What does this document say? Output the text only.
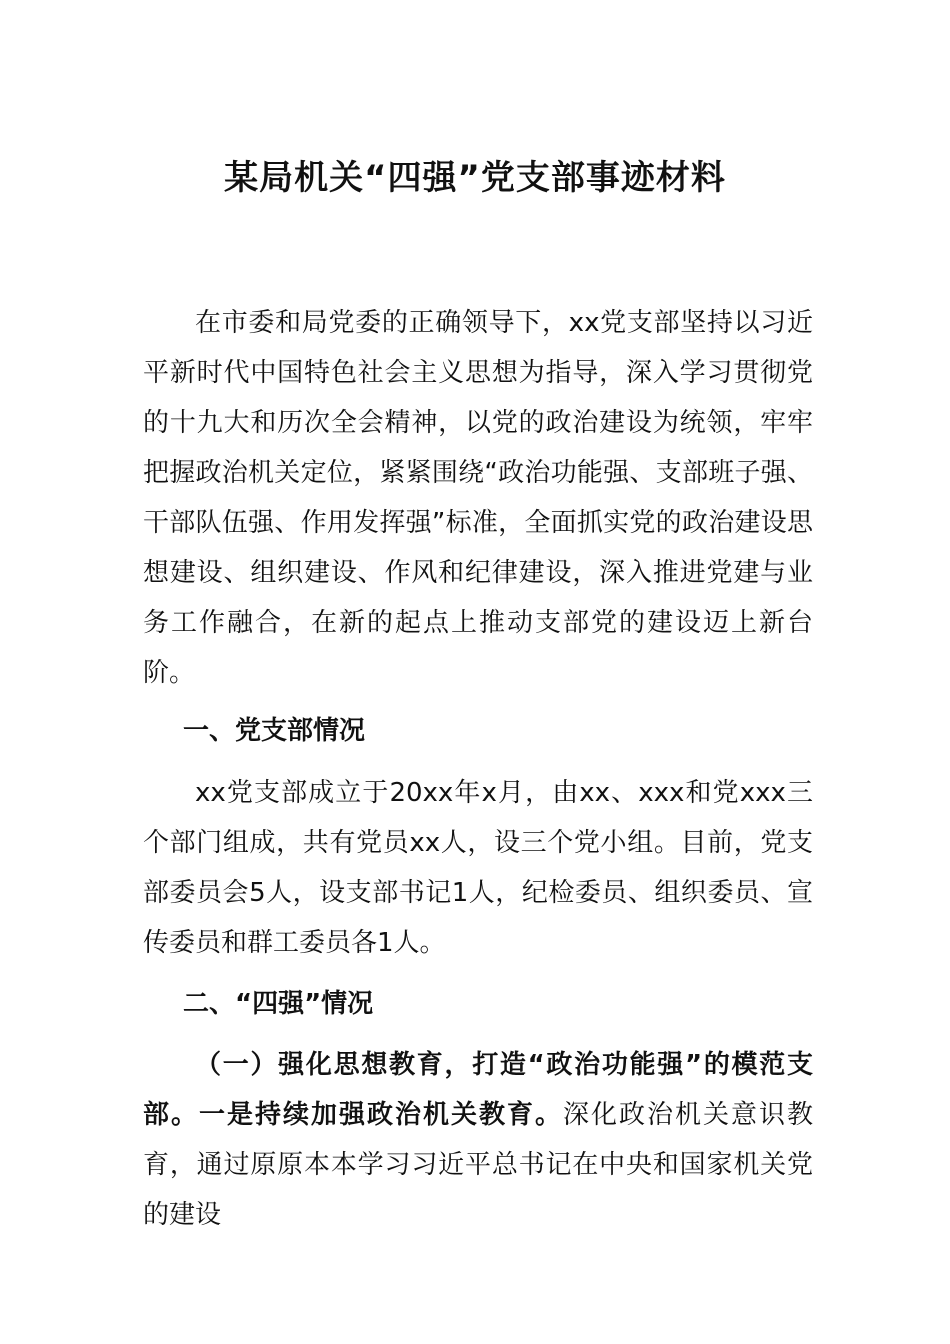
某局机关“四强”党支部事迹材料

在市委和局党委的正确领导下，xx党支部坚持以习近平新时代中国特色社会主义思想为指导，深入学习贯彻党的十九大和历次全会精神，以党的政治建设为统领，牢牢把握政治机关定位，紧紧围绕“政治功能强、支部班子强、干部队伍强、作用发挥强”标准，全面抓实党的政治建设思想建设、组织建设、作风和纪律建设，深入推进党建与业务工作融合，在新的起点上推动支部党的建设迈上新台阶。

一、党支部情况

xx党支部成立于20xx年x月，由xx、xxx和党xxx三个部门组成，共有党员xx人，设三个党小组。目前，党支部委员会5人，设支部书记1人，纪检委员、组织委员、宣传委员和群工委员各1人。

二、“四强”情况

（一）强化思想教育，打造“政治功能强”的模范支部。一是持续加强政治机关教育。深化政治机关意识教育，通过原原本本学习习近平总书记在中央和国家机关党的建设
